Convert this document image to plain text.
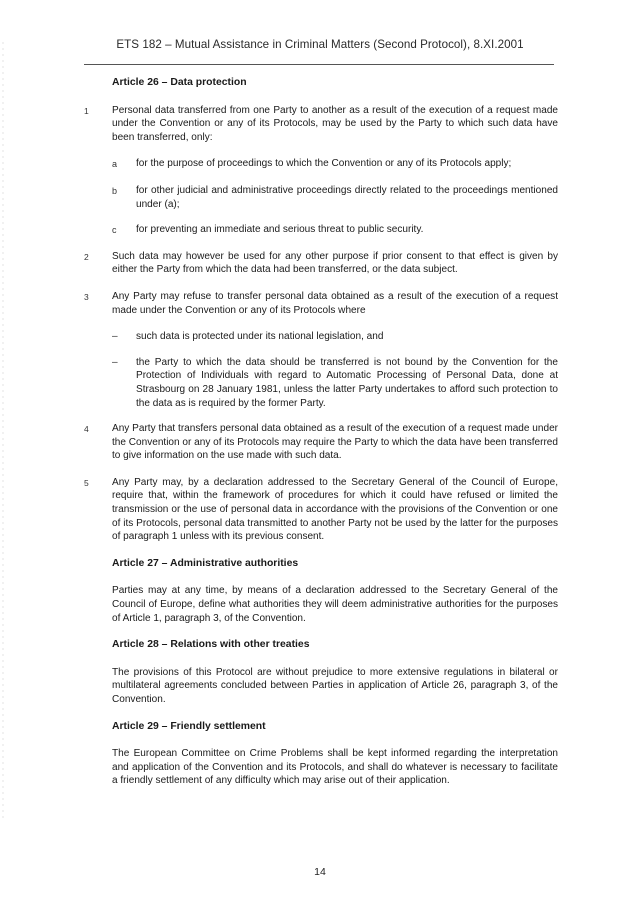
ETS 182 – Mutual Assistance in Criminal Matters (Second Protocol), 8.XI.2001
Article 26 – Data protection
1	Personal data transferred from one Party to another as a result of the execution of a request made under the Convention or any of its Protocols, may be used by the Party to which such data have been transferred, only:
a	for the purpose of proceedings to which the Convention or any of its Protocols apply;
b	for other judicial and administrative proceedings directly related to the proceedings mentioned under (a);
c	for preventing an immediate and serious threat to public security.
2	Such data may however be used for any other purpose if prior consent to that effect is given by either the Party from which the data had been transferred, or the data subject.
3	Any Party may refuse to transfer personal data obtained as a result of the execution of a request made under the Convention or any of its Protocols where
–	such data is protected under its national legislation, and
–	the Party to which the data should be transferred is not bound by the Convention for the Protection of Individuals with regard to Automatic Processing of Personal Data, done at Strasbourg on 28 January 1981, unless the latter Party undertakes to afford such protection to the data as is required by the former Party.
4	Any Party that transfers personal data obtained as a result of the execution of a request made under the Convention or any of its Protocols may require the Party to which the data have been transferred to give information on the use made with such data.
5	Any Party may, by a declaration addressed to the Secretary General of the Council of Europe, require that, within the framework of procedures for which it could have refused or limited the transmission or the use of personal data in accordance with the provisions of the Convention or one of its Protocols, personal data transmitted to another Party not be used by the latter for the purposes of paragraph 1 unless with its previous consent.
Article 27 – Administrative authorities
Parties may at any time, by means of a declaration addressed to the Secretary General of the Council of Europe, define what authorities they will deem administrative authorities for the purposes of Article 1, paragraph 3, of the Convention.
Article 28 – Relations with other treaties
The provisions of this Protocol are without prejudice to more extensive regulations in bilateral or multilateral agreements concluded between Parties in application of Article 26, paragraph 3, of the Convention.
Article 29 – Friendly settlement
The European Committee on Crime Problems shall be kept informed regarding the interpretation and application of the Convention and its Protocols, and shall do whatever is necessary to facilitate a friendly settlement of any difficulty which may arise out of their application.
14
